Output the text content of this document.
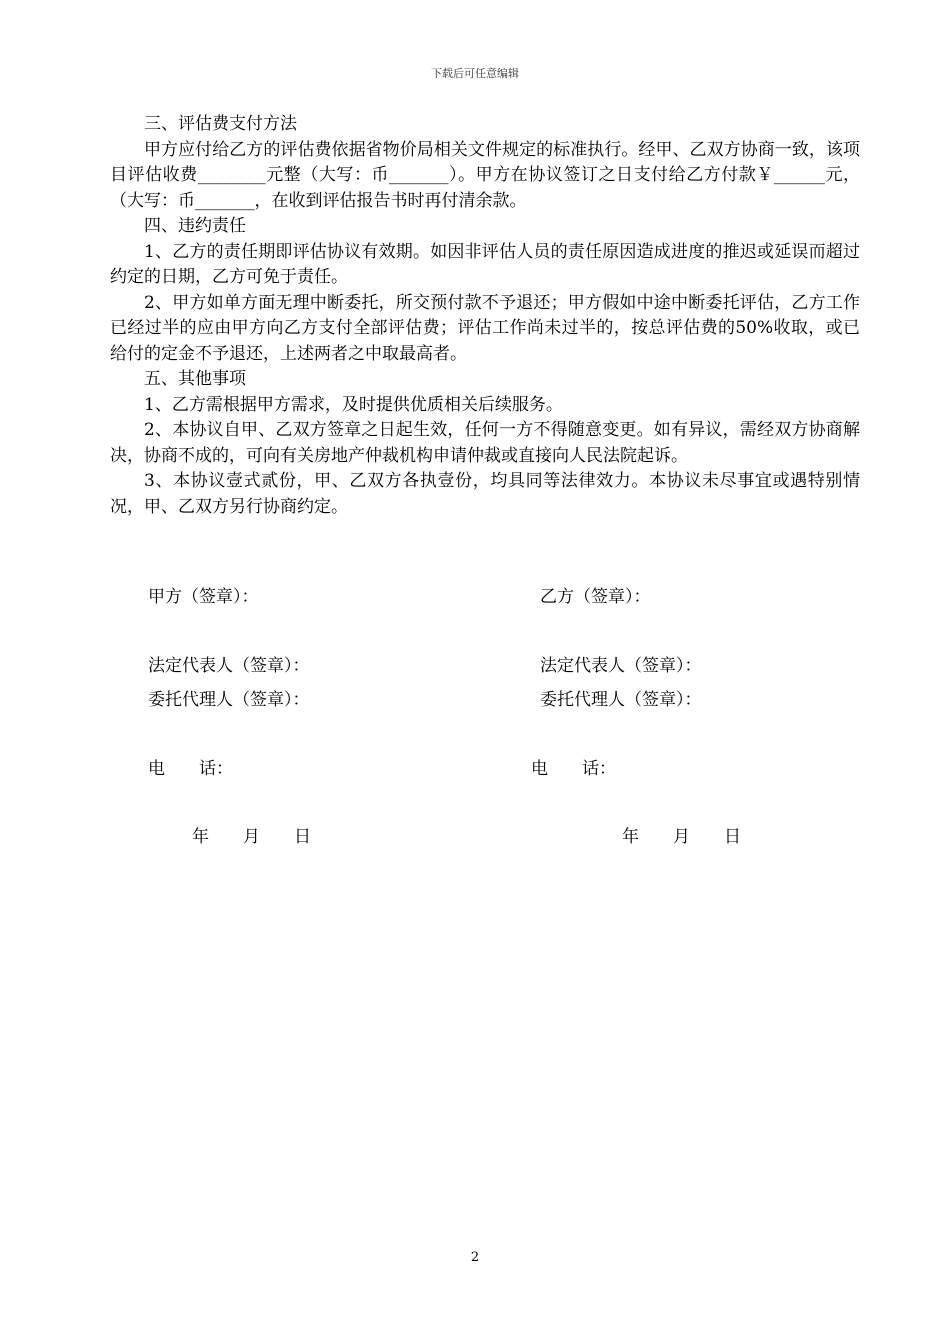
下载后可任意编辑

三、评估费支付方法

甲方应付给乙方的评估费依据省物价局相关文件规定的标准执行。经甲、乙双方协商一致，该项目评估收费________元整（大写：币_______）。甲方在协议签订之日支付给乙方付款￥______元，（大写：币_______，在收到评估报告书时再付清余款。

四、违约责任

1、乙方的责任期即评估协议有效期。如因非评估人员的责任原因造成进度的推迟或延误而超过约定的日期，乙方可免于责任。

2、甲方如单方面无理中断委托，所交预付款不予退还；甲方假如中途中断委托评估，乙方工作已经过半的应由甲方向乙方支付全部评估费；评估工作尚未过半的，按总评估费的50%收取，或已给付的定金不予退还，上述两者之中取最高者。

五、其他事项

1、乙方需根据甲方需求，及时提供优质相关后续服务。

2、本协议自甲、乙双方签章之日起生效，任何一方不得随意变更。如有异议，需经双方协商解决，协商不成的，可向有关房地产仲裁机构申请仲裁或直接向人民法院起诉。

3、本协议壹式贰份，甲、乙双方各执壹份，均具同等法律效力。本协议未尽事宜或遇特别情况，甲、乙双方另行协商约定。

甲方（签章）：	乙方（签章）：
法定代表人（签章）：	法定代表人（签章）：
委托代理人（签章）：	委托代理人（签章）：
电　　话：	电　　话：
年　　月　　日	年　　月　　日
2
